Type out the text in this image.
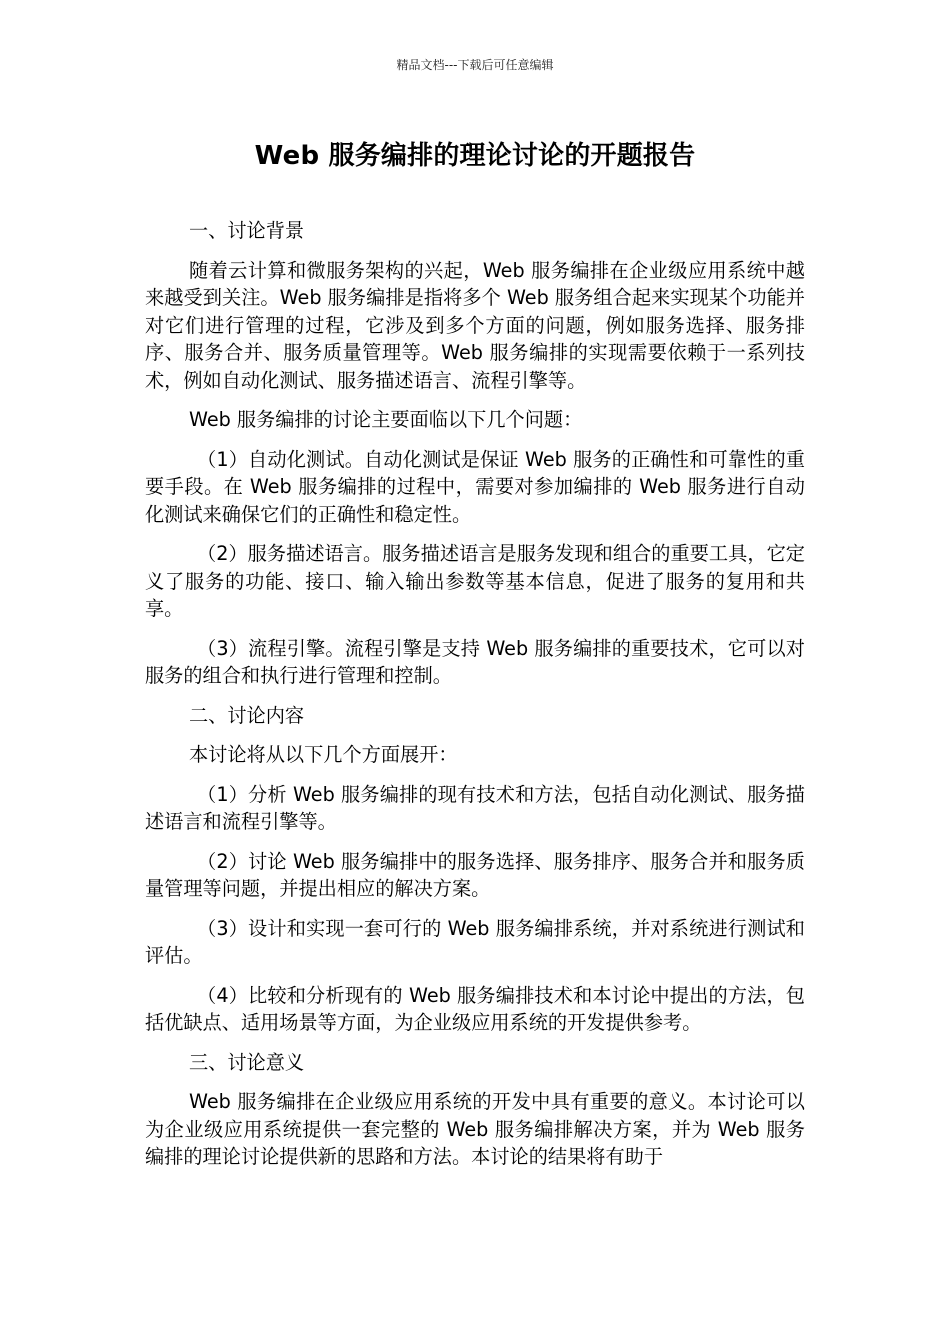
精品文档---下载后可任意编辑
Web 服务编排的理论讨论的开题报告
一、讨论背景
随着云计算和微服务架构的兴起，Web 服务编排在企业级应用系统中越来越受到关注。Web 服务编排是指将多个 Web 服务组合起来实现某个功能并对它们进行管理的过程，它涉及到多个方面的问题，例如服务选择、服务排序、服务合并、服务质量管理等。Web 服务编排的实现需要依赖于一系列技术，例如自动化测试、服务描述语言、流程引擎等。
Web 服务编排的讨论主要面临以下几个问题：
（1）自动化测试。自动化测试是保证 Web 服务的正确性和可靠性的重要手段。在 Web 服务编排的过程中，需要对参加编排的 Web 服务进行自动化测试来确保它们的正确性和稳定性。
（2）服务描述语言。服务描述语言是服务发现和组合的重要工具，它定义了服务的功能、接口、输入输出参数等基本信息，促进了服务的复用和共享。
（3）流程引擎。流程引擎是支持 Web 服务编排的重要技术，它可以对服务的组合和执行进行管理和控制。
二、讨论内容
本讨论将从以下几个方面展开：
（1）分析 Web 服务编排的现有技术和方法，包括自动化测试、服务描述语言和流程引擎等。
（2）讨论 Web 服务编排中的服务选择、服务排序、服务合并和服务质量管理等问题，并提出相应的解决方案。
（3）设计和实现一套可行的 Web 服务编排系统，并对系统进行测试和评估。
（4）比较和分析现有的 Web 服务编排技术和本讨论中提出的方法，包括优缺点、适用场景等方面，为企业级应用系统的开发提供参考。
三、讨论意义
Web 服务编排在企业级应用系统的开发中具有重要的意义。本讨论可以为企业级应用系统提供一套完整的 Web 服务编排解决方案，并为 Web 服务编排的理论讨论提供新的思路和方法。本讨论的结果将有助于
